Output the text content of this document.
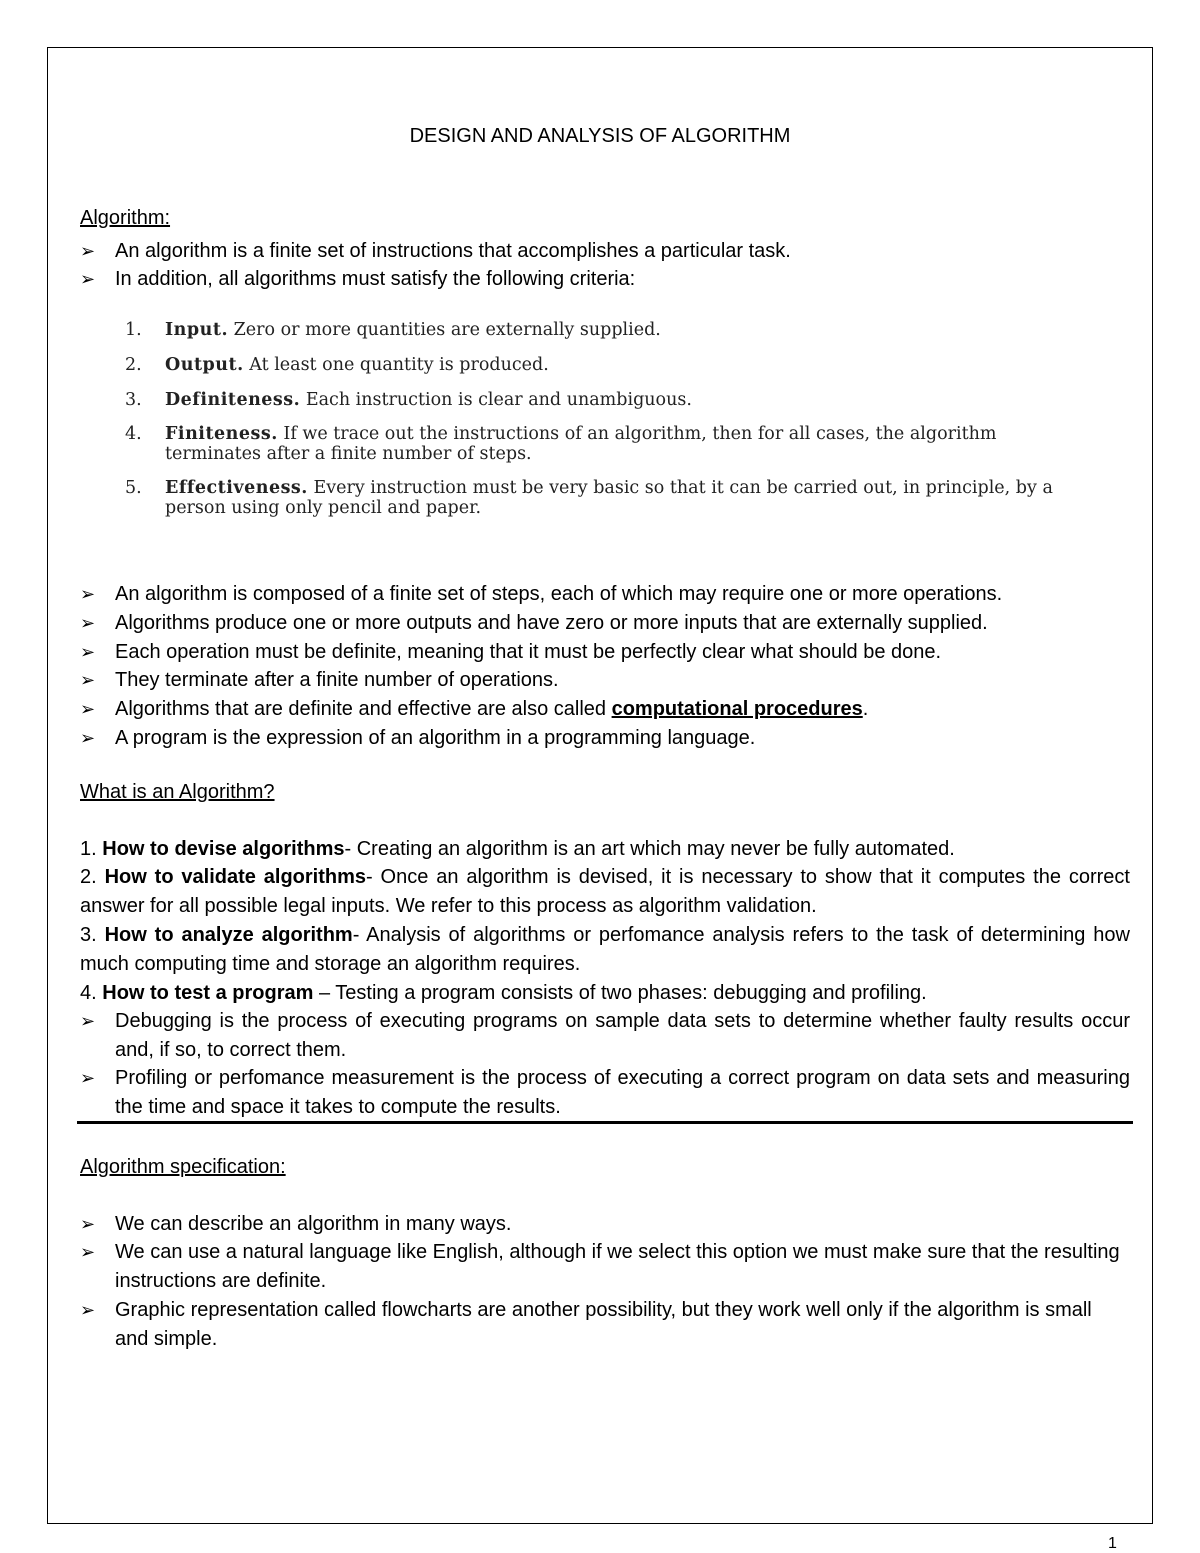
DESIGN AND ANALYSIS OF ALGORITHM
Algorithm:
➢ An algorithm is a finite set of instructions that accomplishes a particular task.
➢ In addition, all algorithms must satisfy the following criteria:
1. Input. Zero or more quantities are externally supplied.
2. Output. At least one quantity is produced.
3. Definiteness. Each instruction is clear and unambiguous.
4. Finiteness. If we trace out the instructions of an algorithm, then for all cases, the algorithm terminates after a finite number of steps.
5. Effectiveness. Every instruction must be very basic so that it can be carried out, in principle, by a person using only pencil and paper.
➢ An algorithm is composed of a finite set of steps, each of which may require one or more operations.
➢ Algorithms produce one or more outputs and have zero or more inputs that are externally supplied.
➢ Each operation must be definite, meaning that it must be perfectly clear what should be done.
➢ They terminate after a finite number of operations.
➢ Algorithms that are definite and effective are also called computational procedures.
➢ A program is the expression of an algorithm in a programming language.
What is an Algorithm?
1. How to devise algorithms- Creating an algorithm is an art which may never be fully automated.
2. How to validate algorithms- Once an algorithm is devised, it is necessary to show that it computes the correct answer for all possible legal inputs. We refer to this process as algorithm validation.
3. How to analyze algorithm- Analysis of algorithms or perfomance analysis refers to the task of determining how much computing time and storage an algorithm requires.
4. How to test a program – Testing a program consists of two phases: debugging and profiling.
➢ Debugging is the process of executing programs on sample data sets to determine whether faulty results occur and, if so, to correct them.
➢ Profiling or perfomance measurement is the process of executing a correct program on data sets and measuring the time and space it takes to compute the results.
Algorithm specification:
➢ We can describe an algorithm in many ways.
➢ We can use a natural language like English, although if we select this option we must make sure that the resulting instructions are definite.
➢ Graphic representation called flowcharts are another possibility, but they work well only if the algorithm is small and simple.
1
